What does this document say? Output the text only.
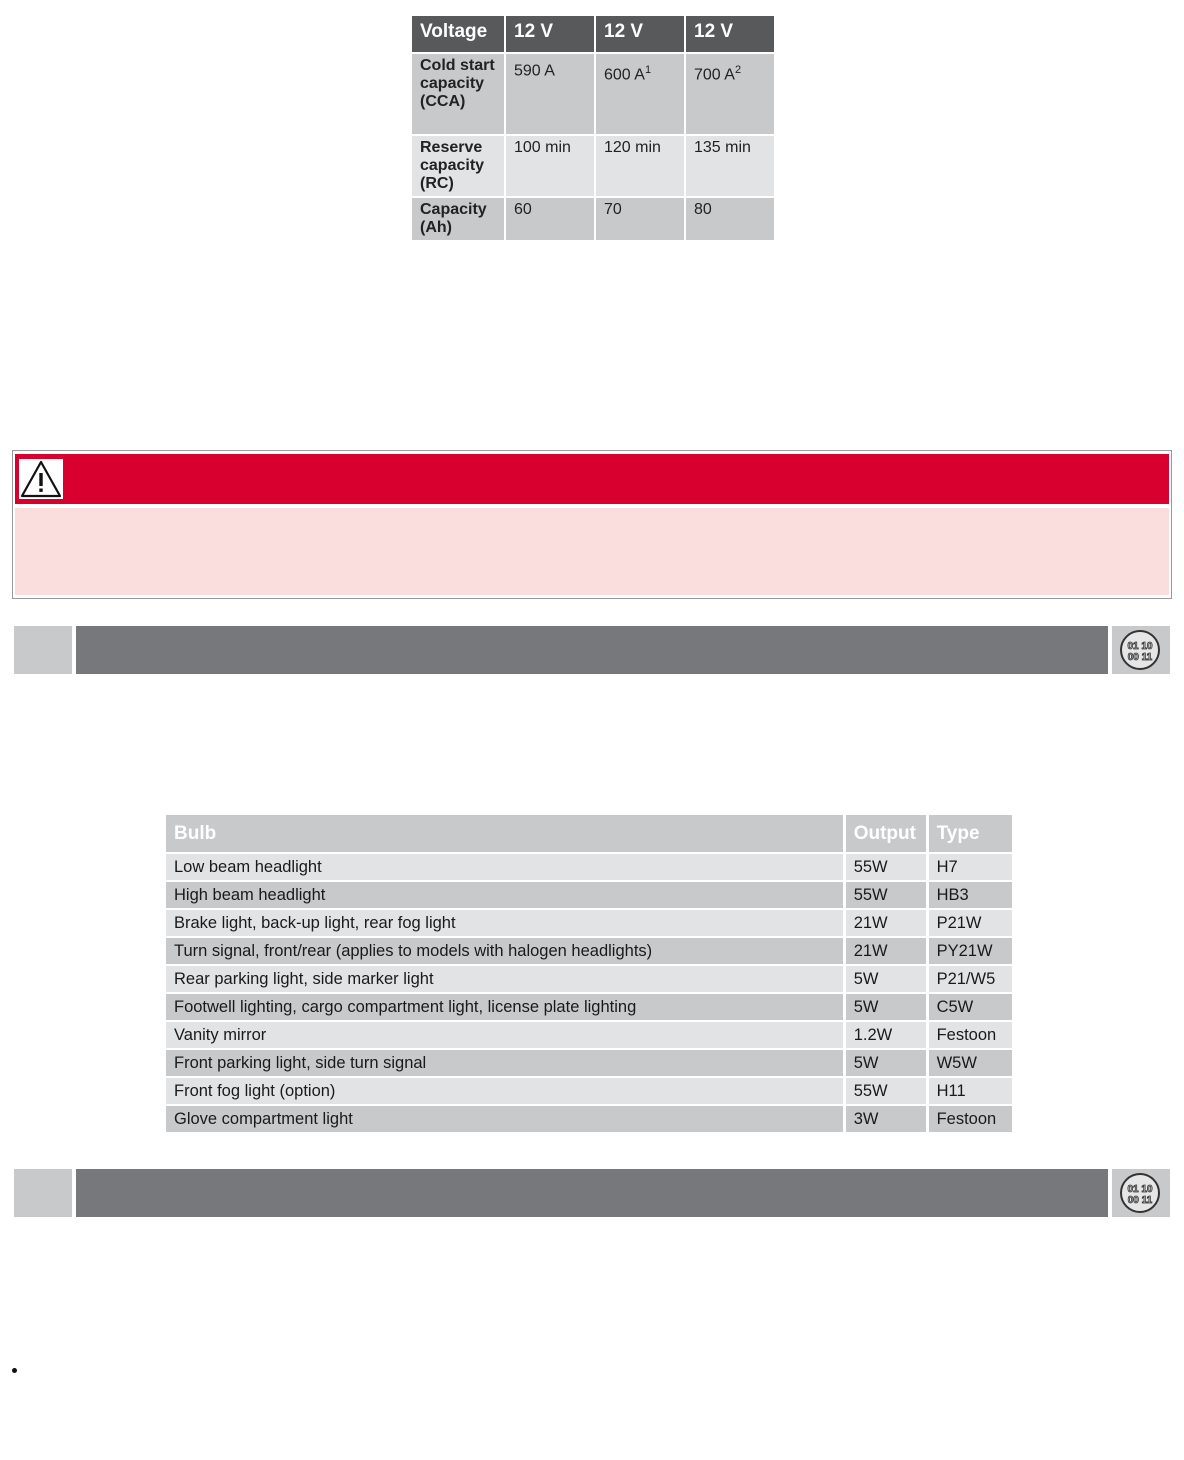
Voltage	12 V	12 V	12 V
Cold start capacity (CCA)	590 A	600 $A^1$	700 $A^2$
Reserve capacity (RC)	100 min	120 min	135 min
Capacity (Ah)	60	70	80
01 10
00 11
Bulb	Output	Type
Low beam headlight	55W	H7
High beam headlight	55W	HB3
Brake light, back-up light, rear fog light	21W	P21W
Turn signal, front/rear (applies to models with halogen headlights)	21W	PY21W
Rear parking light, side marker light	5W	P21/W5
Footwell lighting, cargo compartment light, license plate lighting	5W	C5W
Vanity mirror	1.2W	Festoon
Front parking light, side turn signal	5W	W5W
Front fog light (option)	55W	H11
Glove compartment light	3W	Festoon
01 10
00 11
